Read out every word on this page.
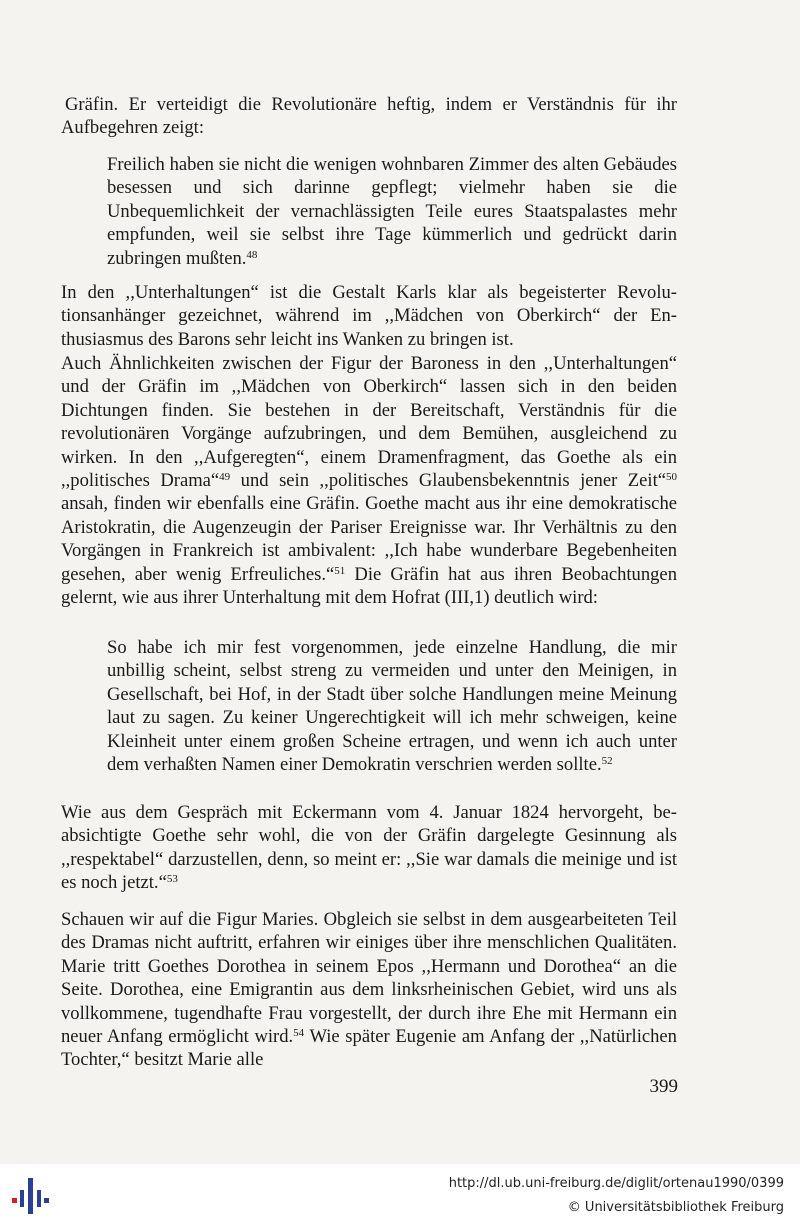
Gräfin. Er verteidigt die Revolutionäre heftig, indem er Verständnis für ihr Aufbegehren zeigt:

Freilich haben sie nicht die wenigen wohnbaren Zimmer des alten Gebäudes besessen und sich darinne gepflegt; vielmehr haben sie die Unbequemlichkeit der vernachlässigten Teile eures Staatspalastes mehr empfunden, weil sie selbst ihre Tage kümmerlich und gedrückt darin zubringen mußten.$^{48}$

In den ,,Unterhaltungen“ ist die Gestalt Karls klar als begeisterter Revolutionsanhänger gezeichnet, während im ,,Mädchen von Oberkirch“ der Enthusiasmus des Barons sehr leicht ins Wanken zu bringen ist.

Auch Ähnlichkeiten zwischen der Figur der Baroness in den ,,Unterhaltungen“ und der Gräfin im ,,Mädchen von Oberkirch“ lassen sich in den beiden Dichtungen finden. Sie bestehen in der Bereitschaft, Verständnis für die revolutionären Vorgänge aufzubringen, und dem Bemühen, ausgleichend zu wirken. In den ,,Aufgeregten“, einem Dramenfragment, das Goethe als ein ,,politisches Drama“$^{49}$ und sein ,,politisches Glaubensbekenntnis jener Zeit“$^{50}$ ansah, finden wir ebenfalls eine Gräfin. Goethe macht aus ihr eine demokratische Aristokratin, die Augenzeugin der Pariser Ereignisse war. Ihr Verhältnis zu den Vorgängen in Frankreich ist ambivalent: ,,Ich habe wunderbare Begebenheiten gesehen, aber wenig Erfreuliches.“$^{51}$ Die Gräfin hat aus ihren Beobachtungen gelernt, wie aus ihrer Unterhaltung mit dem Hofrat (III,1) deutlich wird:

So habe ich mir fest vorgenommen, jede einzelne Handlung, die mir unbillig scheint, selbst streng zu vermeiden und unter den Meinigen, in Gesellschaft, bei Hof, in der Stadt über solche Handlungen meine Meinung laut zu sagen. Zu keiner Ungerechtigkeit will ich mehr schweigen, keine Kleinheit unter einem großen Scheine ertragen, und wenn ich auch unter dem verhaßten Namen einer Demokratin verschrien werden sollte.$^{52}$

Wie aus dem Gespräch mit Eckermann vom 4. Januar 1824 hervorgeht, beabsichtigte Goethe sehr wohl, die von der Gräfin dargelegte Gesinnung als ,,respektabel“ darzustellen, denn, so meint er: ,,Sie war damals die meinige und ist es noch jetzt.“$^{53}$

Schauen wir auf die Figur Maries. Obgleich sie selbst in dem ausgearbeiteten Teil des Dramas nicht auftritt, erfahren wir einiges über ihre menschlichen Qualitäten. Marie tritt Goethes Dorothea in seinem Epos ,,Hermann und Dorothea“ an die Seite. Dorothea, eine Emigrantin aus dem linksrheinischen Gebiet, wird uns als vollkommene, tugendhafte Frau vorgestellt, der durch ihre Ehe mit Hermann ein neuer Anfang ermöglicht wird.$^{54}$ Wie später Eugenie am Anfang der ,,Natürlichen Tochter,“ besitzt Marie alle

399
http://dl.ub.uni-freiburg.de/diglit/ortenau1990/0399
© Universitätsbibliothek Freiburg
